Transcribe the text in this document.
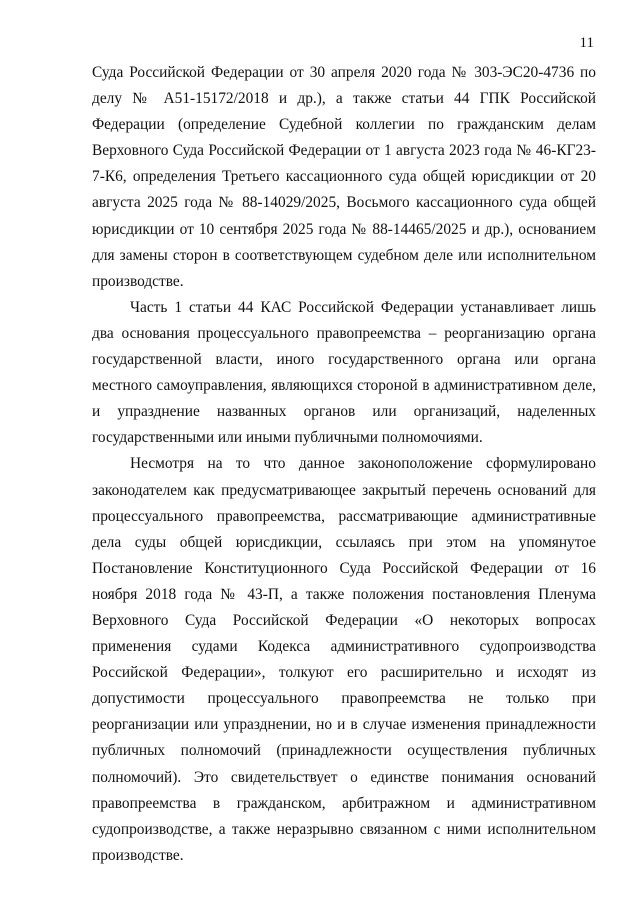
11

Суда Российской Федерации от 30 апреля 2020 года № 303-ЭС20-4736 по делу № А51-15172/2018 и др.), а также статьи 44 ГПК Российской Федерации (определение Судебной коллегии по гражданским делам Верховного Суда Российской Федерации от 1 августа 2023 года № 46-КГ23-7-К6, определения Третьего кассационного суда общей юрисдикции от 20 августа 2025 года № 88-14029/2025, Восьмого кассационного суда общей юрисдикции от 10 сентября 2025 года № 88-14465/2025 и др.), основанием для замены сторон в соответствующем судебном деле или исполнительном производстве.

Часть 1 статьи 44 КАС Российской Федерации устанавливает лишь два основания процессуального правопреемства – реорганизацию органа государственной власти, иного государственного органа или органа местного самоуправления, являющихся стороной в административном деле, и упразднение названных органов или организаций, наделенных государственными или иными публичными полномочиями.

Несмотря на то что данное законоположение сформулировано законодателем как предусматривающее закрытый перечень оснований для процессуального правопреемства, рассматривающие административные дела суды общей юрисдикции, ссылаясь при этом на упомянутое Постановление Конституционного Суда Российской Федерации от 16 ноября 2018 года № 43-П, а также положения постановления Пленума Верховного Суда Российской Федерации «О некоторых вопросах применения судами Кодекса административного судопроизводства Российской Федерации», толкуют его расширительно и исходят из допустимости процессуального правопреемства не только при реорганизации или упразднении, но и в случае изменения принадлежности публичных полномочий (принадлежности осуществления публичных полномочий). Это свидетельствует о единстве понимания оснований правопреемства в гражданском, арбитражном и административном судопроизводстве, а также неразрывно связанном с ними исполнительном производстве.
